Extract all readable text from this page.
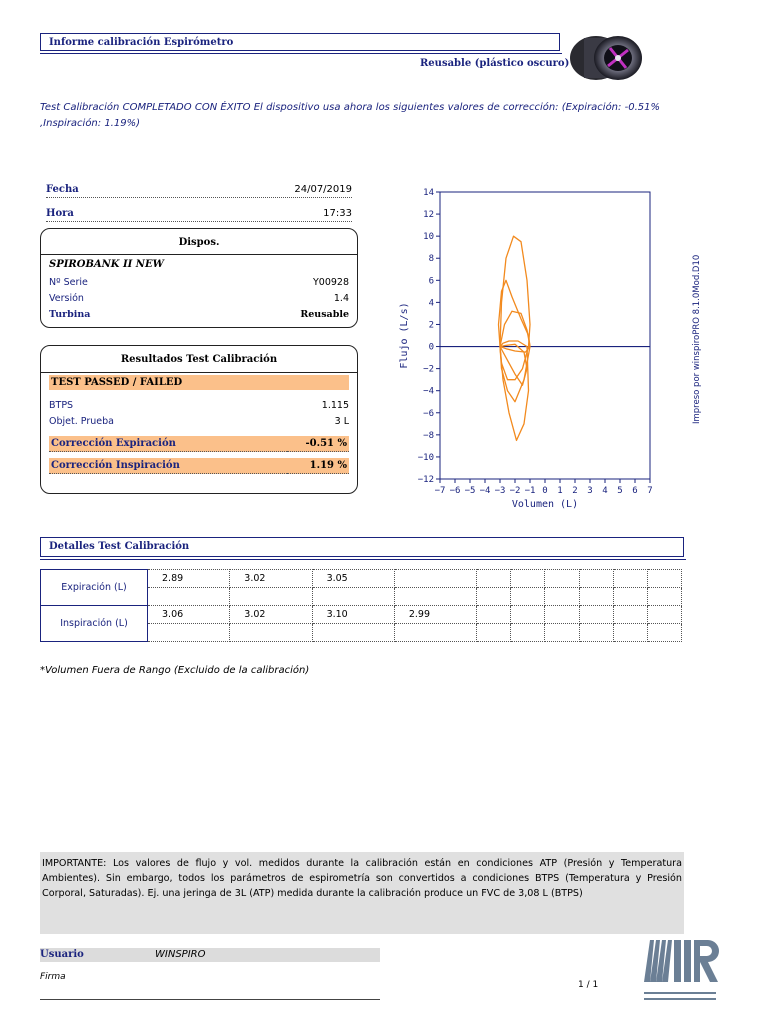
Informe calibración Espirómetro
Reusable (plástico oscuro)
Test Calibración COMPLETADO CON ÉXITO El dispositivo usa ahora los siguientes valores de corrección: (Expiración: -0.51% ,Inspiración: 1.19%)
Fecha	24/07/2019
Hora	17:33
Dispos.
SPIROBANK II NEW
Nº Serie	Y00928
Versión	1.4
Turbina	Reusable
Resultados Test Calibración
TEST PASSED / FAILED
BTPS	1.115
Objet. Prueba	3 L
Corrección Expiración	-0.51 %
Corrección Inspiración	1.19 %
14
12
10
8
6
4
2
0
−2
−4
−6
−8
−10
−12
−7 −6 −5 −4 −3 −2 −1 0 1 2 3 4 5 6 7
Volumen (L)
Flujo (L/s)	Impreso por winspiroPRO 8.1.0Mod.D10
Detalles Test Calibración
Expiración (L)	2.89	3.02	3.05							

Inspiración (L)	3.06	3.02	3.10	2.99						

*Volumen Fuera de Rango (Excluido de la calibración)
IMPORTANTE: Los valores de flujo y vol. medidos durante la calibración están en condiciones ATP (Presión y Temperatura Ambientes). Sin embargo, todos los parámetros de espirometría son convertidos a condiciones BTPS (Temperatura y Presión Corporal, Saturadas). Ej. una jeringa de 3L (ATP) medida durante la calibración produce un FVC de 3,08 L (BTPS)
Usuario	WINSPIRO
Firma
1 / 1
